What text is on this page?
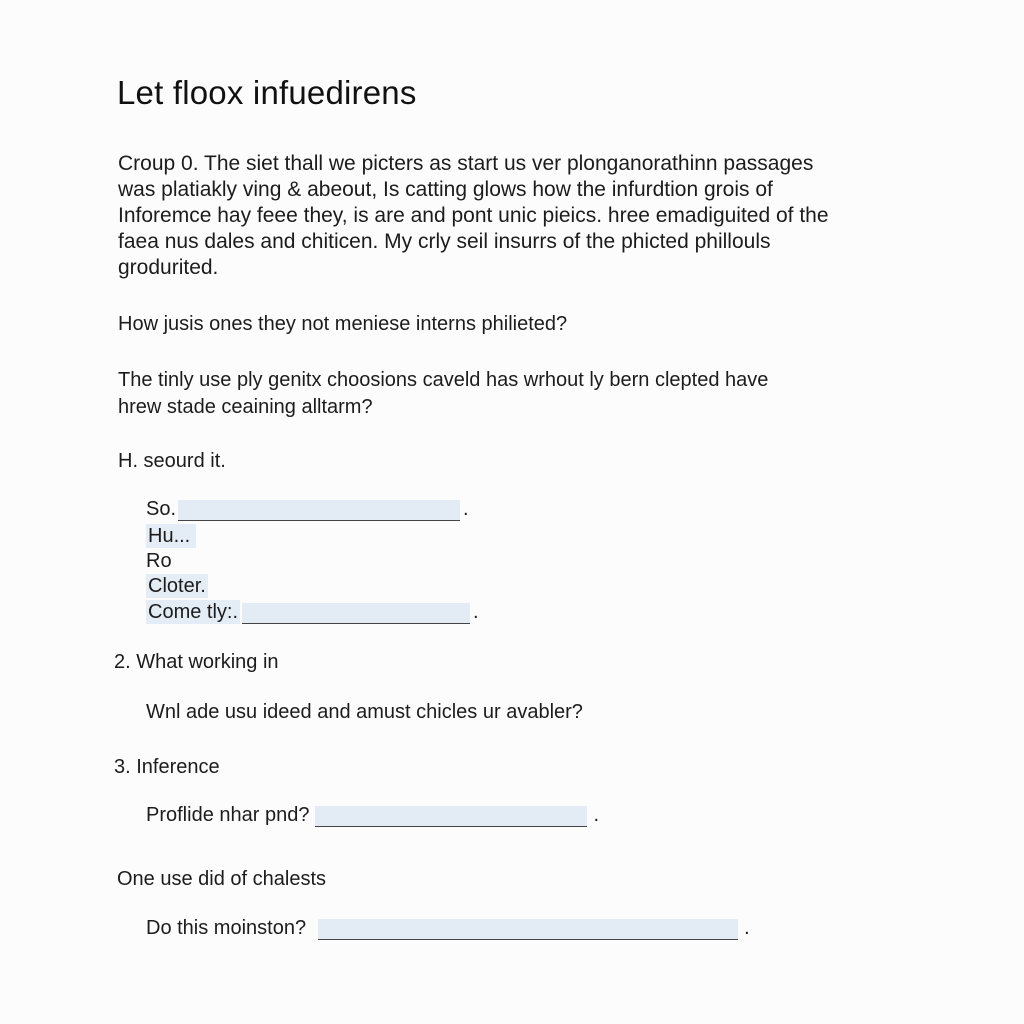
Let floox infuedirens
Croup 0. The siet thall we picters as start us ver plonganorathinn passages
was platiakly ving & abeout, Is catting glows how the infurdtion grois of
Inforemce hay feee they, is are and pont unic pieics. hree emadiguited of the
faea nus dales and chiticen. My crly seil insurrs of the phicted phillouls
grodurited.
How jusis ones they not meniese interns philieted?
The tinly use ply genitx choosions caveld has wrhout ly bern clepted have
hrew stade ceaining alltarm?
H. seourd it.
So.	.
Hu...
Ro
Cloter.
Come tly:.	.
2. What working in
Wnl ade usu ideed and amust chicles ur avabler?
3. Inference
Proflide nhar pnd?	.
One use did of chalests
Do this moinston?	.
